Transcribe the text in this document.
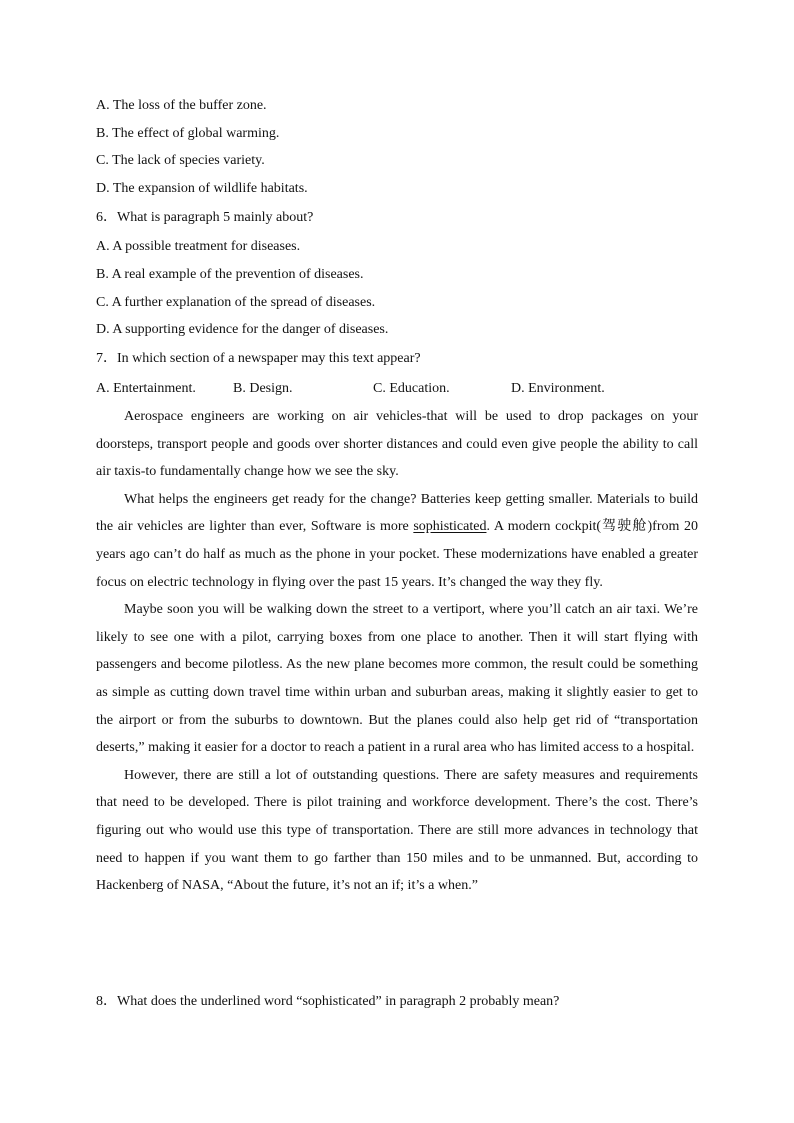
A. The loss of the buffer zone.
B. The effect of global warming.
C. The lack of species variety.
D. The expansion of wildlife habitats.
6．What is paragraph 5 mainly about?
A. A possible treatment for diseases.
B. A real example of the prevention of diseases.
C. A further explanation of the spread of diseases.
D. A supporting evidence for the danger of diseases.
7．In which section of a newspaper may this text appear?
A. Entertainment.	B. Design.	C. Education.	D. Environment.

Aerospace engineers are working on air vehicles-that will be used to drop packages on your doorsteps, transport people and goods over shorter distances and could even give people the ability to call air taxis-to fundamentally change how we see the sky.

What helps the engineers get ready for the change? Batteries keep getting smaller. Materials to build the air vehicles are lighter than ever, Software is more sophisticated. A modern cockpit(驾驶舱)from 20 years ago can’t do half as much as the phone in your pocket. These modernizations have enabled a greater focus on electric technology in flying over the past 15 years. It’s changed the way they fly.

Maybe soon you will be walking down the street to a vertiport, where you’ll catch an air taxi. We’re likely to see one with a pilot, carrying boxes from one place to another. Then it will start flying with passengers and become pilotless. As the new plane becomes more common, the result could be something as simple as cutting down travel time within urban and suburban areas, making it slightly easier to get to the airport or from the suburbs to downtown. But the planes could also help get rid of “transportation deserts,” making it easier for a doctor to reach a patient in a rural area who has limited access to a hospital.

However, there are still a lot of outstanding questions. There are safety measures and requirements that need to be developed. There is pilot training and workforce development. There’s the cost. There’s figuring out who would use this type of transportation. There are still more advances in technology that need to happen if you want them to go farther than 150 miles and to be unmanned. But, according to Hackenberg of NASA, “About the future, it’s not an if; it’s a when.”

8．What does the underlined word “sophisticated” in paragraph 2 probably mean?
